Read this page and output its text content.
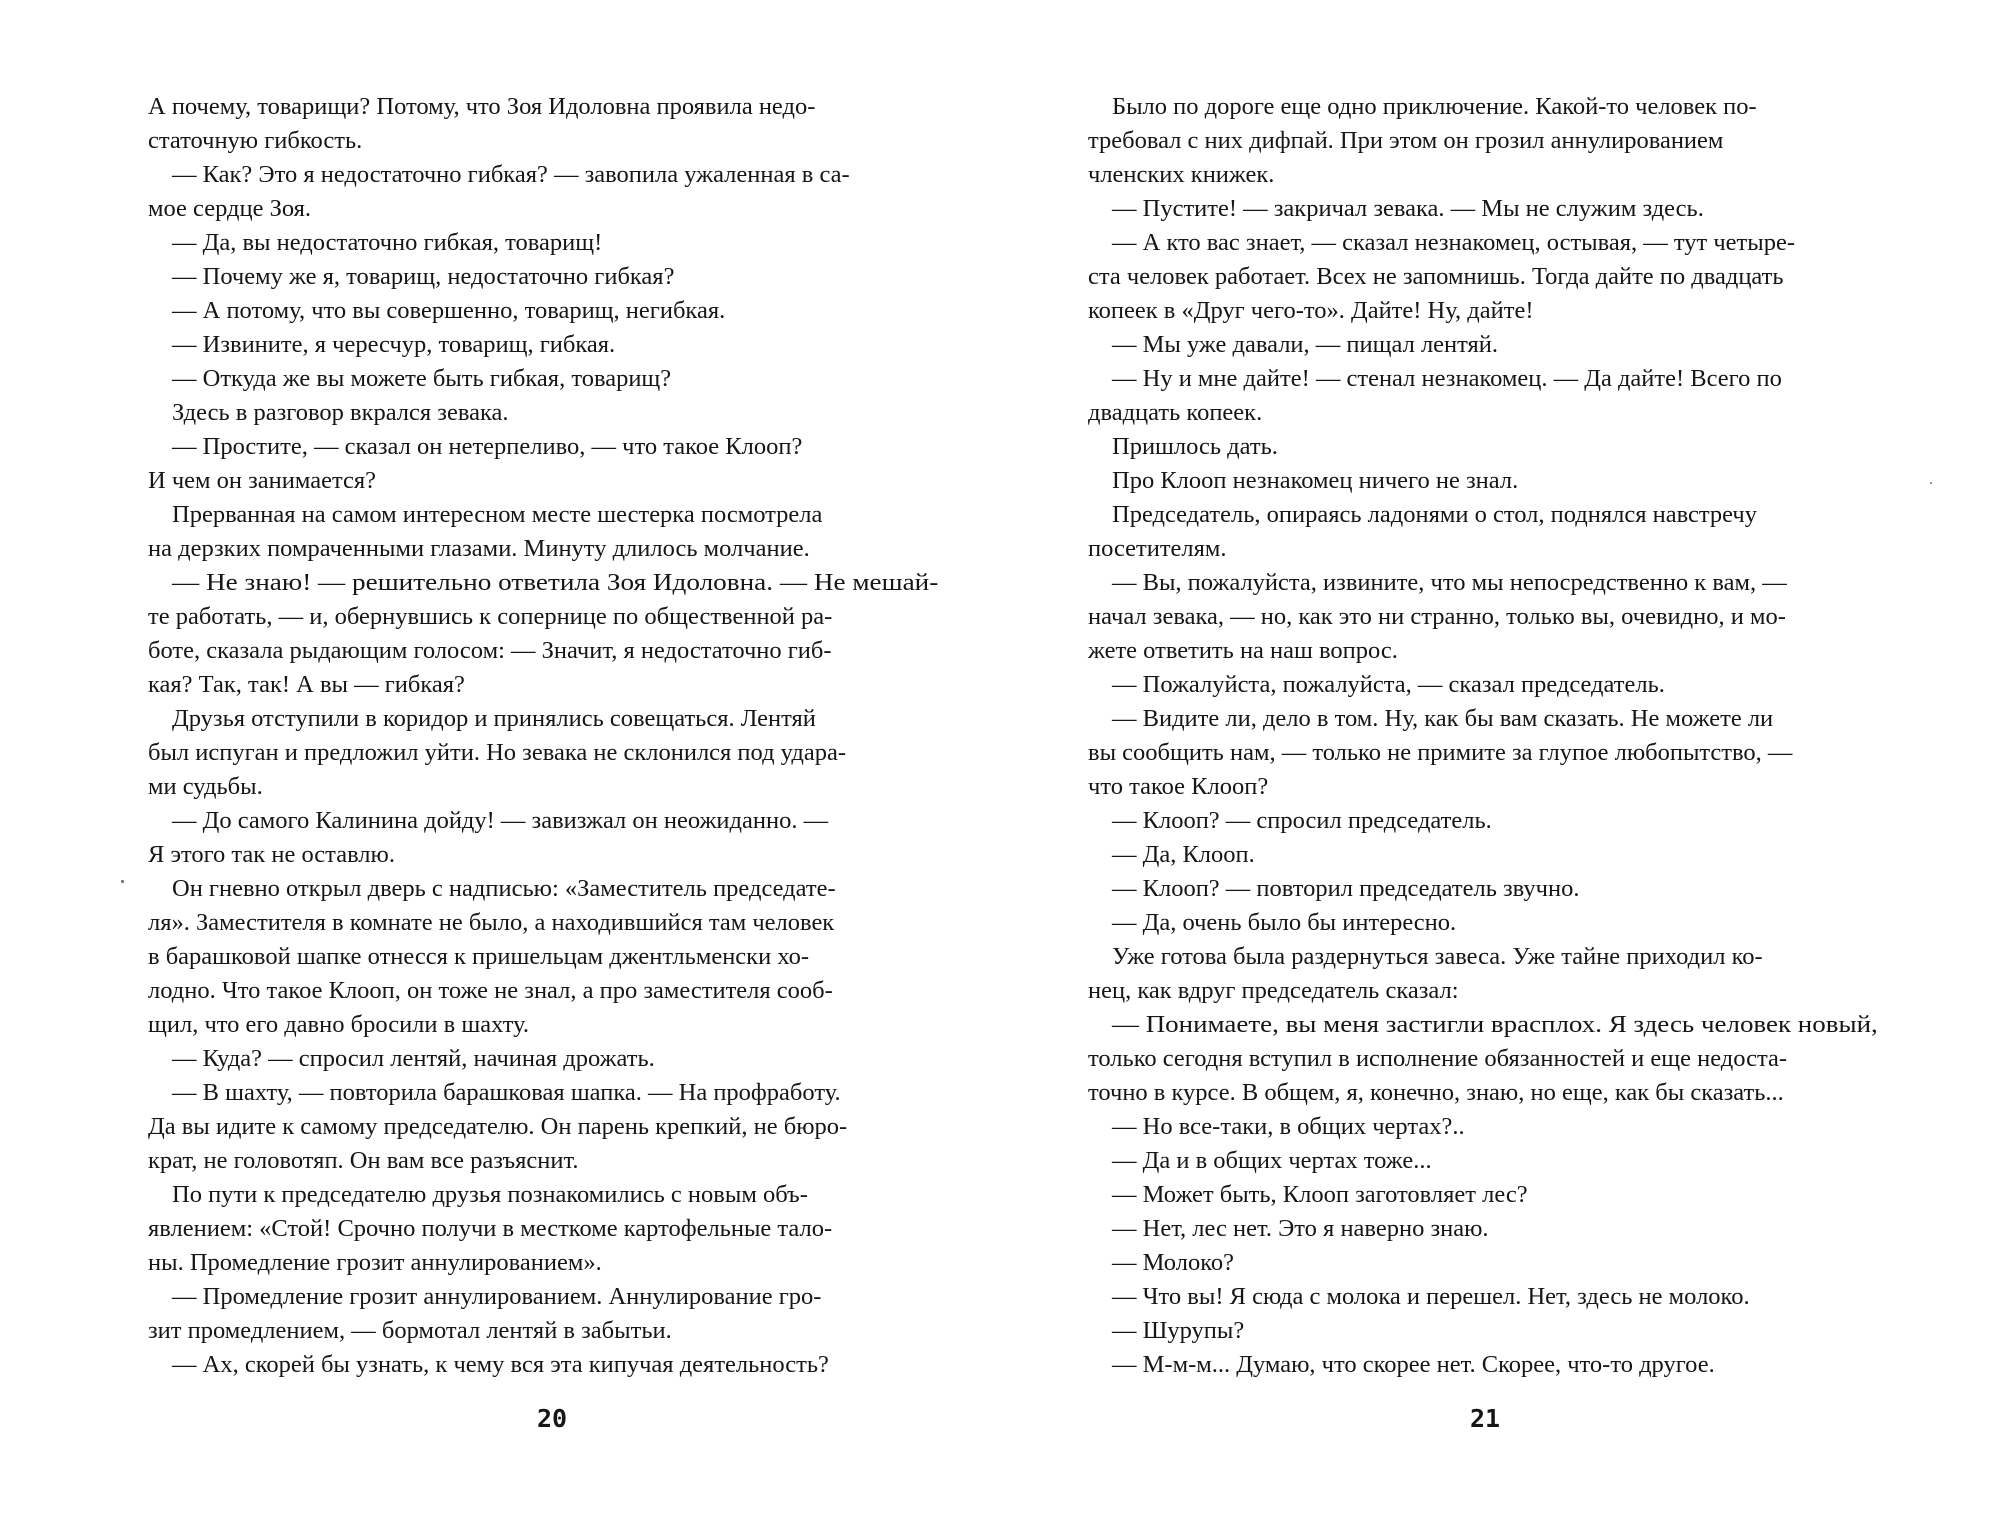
А почему, товарищи? Потому, что Зоя Идоловна проявила недо-
статочную гибкость.
— Как? Это я недостаточно гибкая? — завопила ужаленная в са-
мое сердце Зоя.
— Да, вы недостаточно гибкая, товарищ!
— Почему же я, товарищ, недостаточно гибкая?
— А потому, что вы совершенно, товарищ, негибкая.
— Извините, я чересчур, товарищ, гибкая.
— Откуда же вы можете быть гибкая, товарищ?
Здесь в разговор вкрался зевака.
— Простите, — сказал он нетерпеливо, — что такое Клооп?
И чем он занимается?
Прерванная на самом интересном месте шестерка посмотрела
на дерзких помраченными глазами. Минуту длилось молчание.
— Не знаю! — решительно ответила Зоя Идоловна. — Не мешай-
те работать, — и, обернувшись к сопернице по общественной ра-
боте, сказала рыдающим голосом: — Значит, я недостаточно гиб-
кая? Так, так! А вы — гибкая?
Друзья отступили в коридор и принялись совещаться. Лентяй
был испуган и предложил уйти. Но зевака не склонился под удара-
ми судьбы.
— До самого Калинина дойду! — завизжал он неожиданно. —
Я этого так не оставлю.
Он гневно открыл дверь с надписью: «Заместитель председате-
ля». Заместителя в комнате не было, а находившийся там человек
в барашковой шапке отнесся к пришельцам джентльменски хо-
лодно. Что такое Клооп, он тоже не знал, а про заместителя сооб-
щил, что его давно бросили в шахту.
— Куда? — спросил лентяй, начиная дрожать.
— В шахту, — повторила барашковая шапка. — На профработу.
Да вы идите к самому председателю. Он парень крепкий, не бюро-
крат, не головотяп. Он вам все разъяснит.
По пути к председателю друзья познакомились с новым объ-
явлением: «Стой! Срочно получи в месткоме картофельные тало-
ны. Промедление грозит аннулированием».
— Промедление грозит аннулированием. Аннулирование гро-
зит промедлением, — бормотал лентяй в забытьи.
— Ах, скорей бы узнать, к чему вся эта кипучая деятельность?
20
Было по дороге еще одно приключение. Какой-то человек по-
требовал с них дифпай. При этом он грозил аннулированием
членских книжек.
— Пустите! — закричал зевака. — Мы не служим здесь.
— А кто вас знает, — сказал незнакомец, остывая, — тут четыре-
ста человек работает. Всех не запомнишь. Тогда дайте по двадцать
копеек в «Друг чего-то». Дайте! Ну, дайте!
— Мы уже давали, — пищал лентяй.
— Ну и мне дайте! — стенал незнакомец. — Да дайте! Всего по
двадцать копеек.
Пришлось дать.
Про Клооп незнакомец ничего не знал.
Председатель, опираясь ладонями о стол, поднялся навстречу
посетителям.
— Вы, пожалуйста, извините, что мы непосредственно к вам, —
начал зевака, — но, как это ни странно, только вы, очевидно, и мо-
жете ответить на наш вопрос.
— Пожалуйста, пожалуйста, — сказал председатель.
— Видите ли, дело в том. Ну, как бы вам сказать. Не можете ли
вы сообщить нам, — только не примите за глупое любопытство, —
что такое Клооп?
— Клооп? — спросил председатель.
— Да, Клооп.
— Клооп? — повторил председатель звучно.
— Да, очень было бы интересно.
Уже готова была раздернуться завеса. Уже тайне приходил ко-
нец, как вдруг председатель сказал:
— Понимаете, вы меня застигли врасплох. Я здесь человек новый,
только сегодня вступил в исполнение обязанностей и еще недоста-
точно в курсе. В общем, я, конечно, знаю, но еще, как бы сказать...
— Но все-таки, в общих чертах?..
— Да и в общих чертах тоже...
— Может быть, Клооп заготовляет лес?
— Нет, лес нет. Это я наверно знаю.
— Молоко?
— Что вы! Я сюда с молока и перешел. Нет, здесь не молоко.
— Шурупы?
— М-м-м... Думаю, что скорее нет. Скорее, что-то другое.
21
